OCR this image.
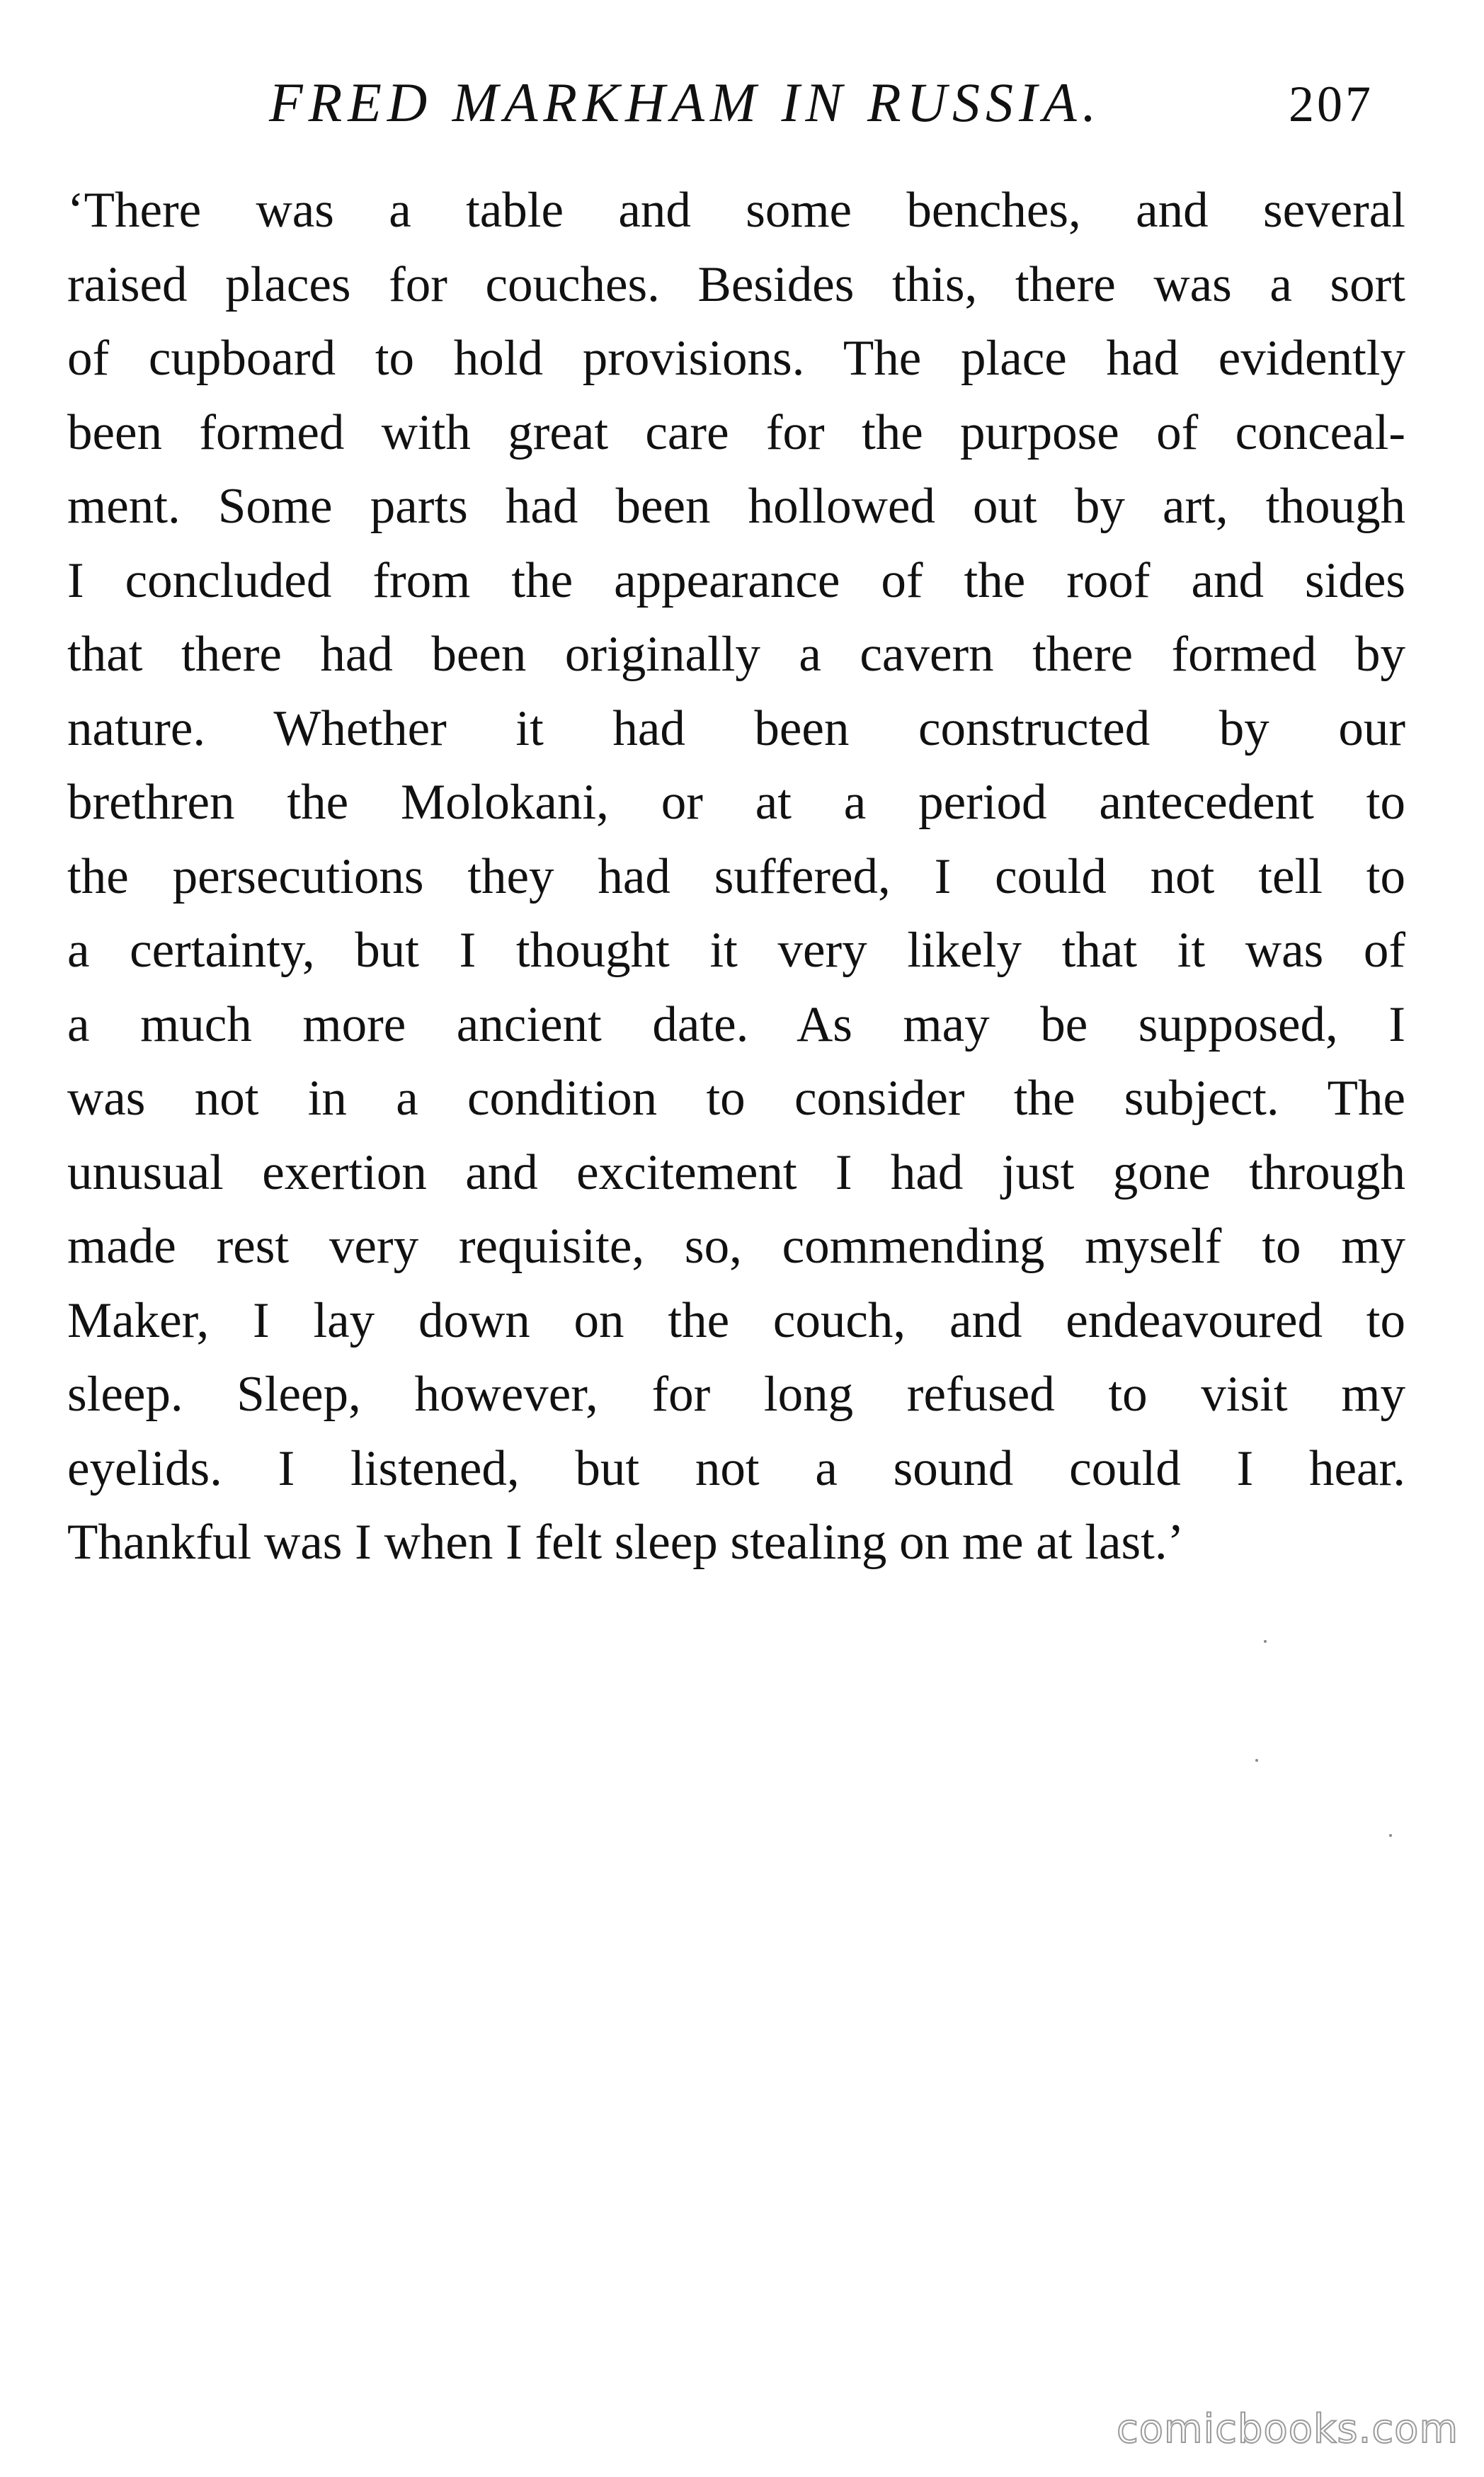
FRED MARKHAM IN RUSSIA.	207
‘There was a table and some benches, and several
raised places for couches. Besides this, there was a sort
of cupboard to hold provisions. The place had evidently
been formed with great care for the purpose of conceal-
ment. Some parts had been hollowed out by art, though
I concluded from the appearance of the roof and sides
that there had been originally a cavern there formed by
nature. Whether it had been constructed by our
brethren the Molokani, or at a period antecedent to
the persecutions they had suffered, I could not tell to
a certainty, but I thought it very likely that it was of
a much more ancient date. As may be supposed, I
was not in a condition to consider the subject. The
unusual exertion and excitement I had just gone through
made rest very requisite, so, commending myself to my
Maker, I lay down on the couch, and endeavoured to
sleep. Sleep, however, for long refused to visit my
eyelids. I listened, but not a sound could I hear.
Thankful was I when I felt sleep stealing on me at last.’
comicbooks.com
